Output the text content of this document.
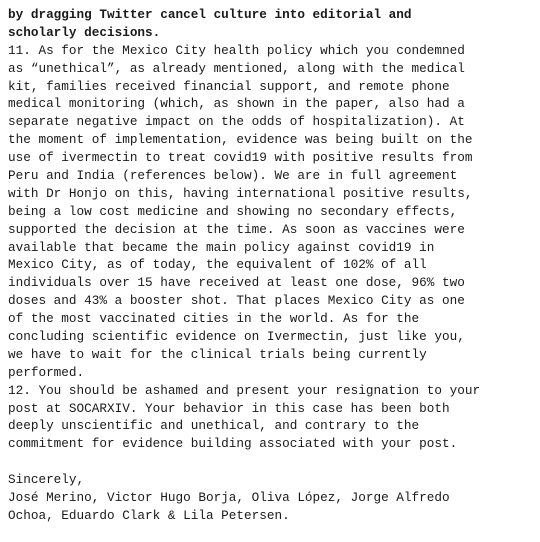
by dragging Twitter cancel culture into editorial and
scholarly decisions.
11. As for the Mexico City health policy which you condemned
as “unethical”, as already mentioned, along with the medical
kit, families received financial support, and remote phone
medical monitoring (which, as shown in the paper, also had a
separate negative impact on the odds of hospitalization). At
the moment of implementation, evidence was being built on the
use of ivermectin to treat covid19 with positive results from
Peru and India (references below). We are in full agreement
with Dr Honjo on this, having international positive results,
being a low cost medicine and showing no secondary effects,
supported the decision at the time. As soon as vaccines were
available that became the main policy against covid19 in
Mexico City, as of today, the equivalent of 102% of all
individuals over 15 have received at least one dose, 96% two
doses and 43% a booster shot. That places Mexico City as one
of the most vaccinated cities in the world. As for the
concluding scientific evidence on Ivermectin, just like you,
we have to wait for the clinical trials being currently
performed.
12. You should be ashamed and present your resignation to your
post at SOCARXIV. Your behavior in this case has been both
deeply unscientific and unethical, and contrary to the
commitment for evidence building associated with your post.
Sincerely,
José Merino, Victor Hugo Borja, Oliva López, Jorge Alfredo
Ochoa, Eduardo Clark & Lila Petersen.
